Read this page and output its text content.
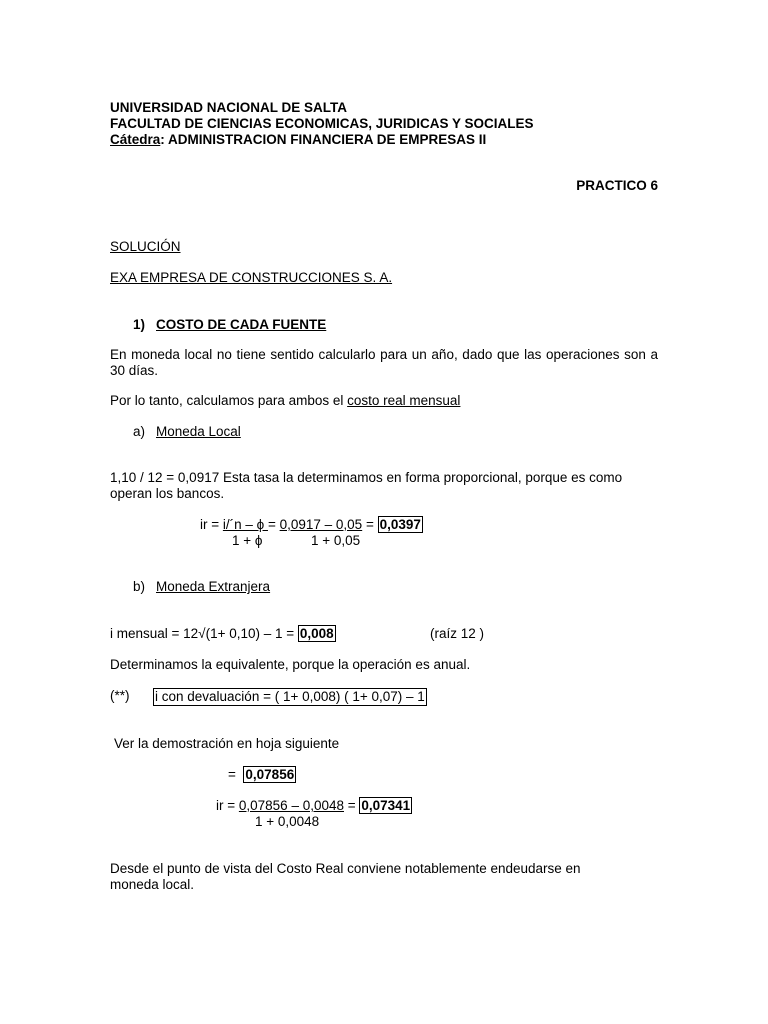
UNIVERSIDAD NACIONAL DE SALTA
FACULTAD DE CIENCIAS ECONOMICAS, JURIDICAS Y SOCIALES
Cátedra: ADMINISTRACION FINANCIERA DE EMPRESAS II
PRACTICO 6
SOLUCIÓN
EXA EMPRESA DE CONSTRUCCIONES S. A.
1) COSTO DE CADA FUENTE
En moneda local no tiene sentido calcularlo para un año, dado que las operaciones son a 30 días.
Por lo tanto, calculamos para ambos el costo real mensual
a) Moneda Local
1,10 / 12 = 0,0917 Esta tasa la determinamos en forma proporcional, porque es como
operan los bancos.
ir = i/´n – ϕ = 0,0917 – 0,05 = 0,0397
1 + ϕ	1 + 0,05
b) Moneda Extranjera
i mensual = 12√(1+ 0,10) – 1 = 0,008	(raíz 12 )
Determinamos la equivalente, porque la operación es anual.
(**) i con devaluación = ( 1+ 0,008) ( 1+ 0,07) – 1
Ver la demostración en hoja siguiente
= 0,07856
ir = 0,07856 – 0,0048 = 0,07341
1 + 0,0048
Desde el punto de vista del Costo Real conviene notablemente endeudarse en
moneda local.
